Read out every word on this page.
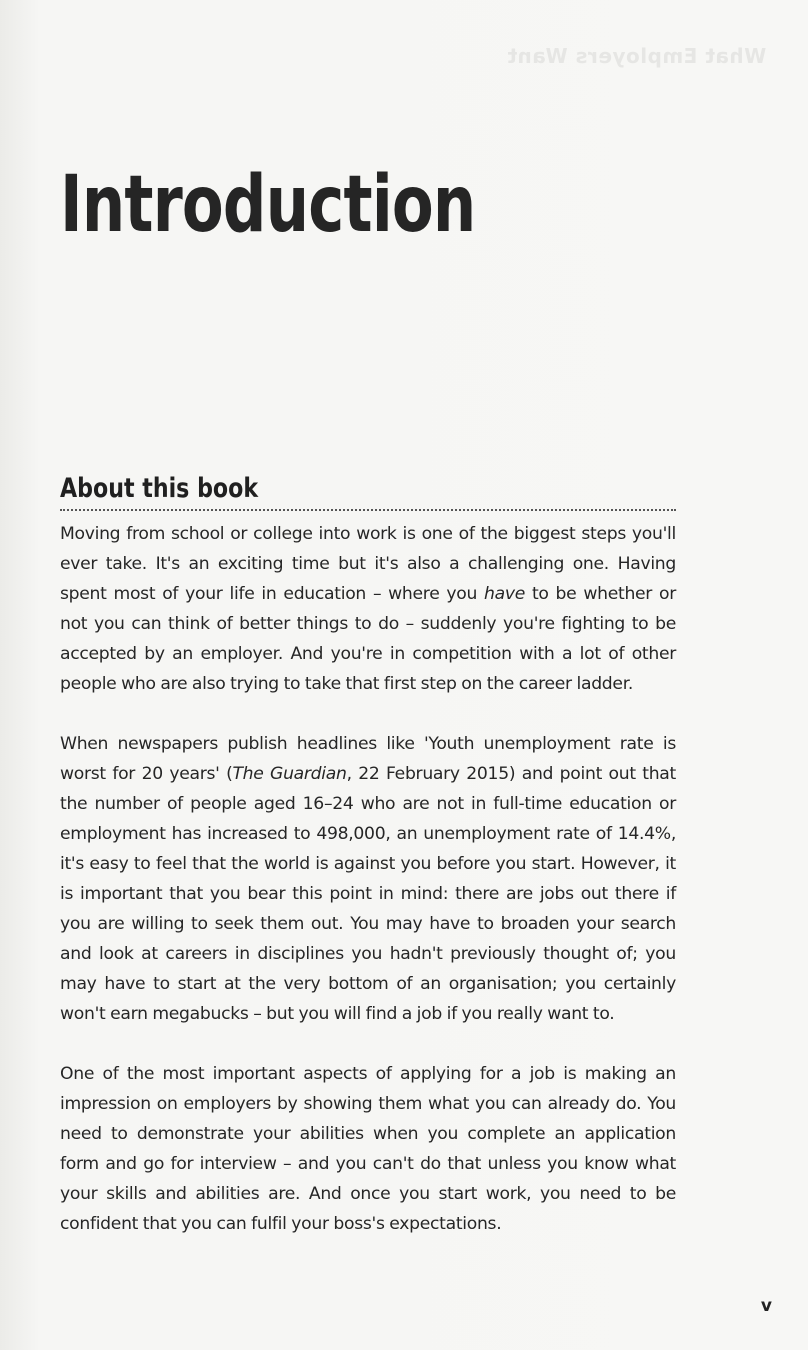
What Employers Want
Introduction
About this book

Moving from school or college into work is one of the biggest steps you'll ever take. It's an exciting time but it's also a challenging one. Having spent most of your life in education – where you have to be whether or not you can think of better things to do – suddenly you're fighting to be accepted by an employer. And you're in competition with a lot of other people who are also trying to take that first step on the career ladder.

When newspapers publish headlines like 'Youth unemployment rate is worst for 20 years' (The Guardian, 22 February 2015) and point out that the number of people aged 16–24 who are not in full-time education or employment has increased to 498,000, an unemployment rate of 14.4%, it's easy to feel that the world is against you before you start. However, it is important that you bear this point in mind: there are jobs out there if you are willing to seek them out. You may have to broaden your search and look at careers in disciplines you hadn't previously thought of; you may have to start at the very bottom of an organisation; you certainly won't earn megabucks – but you will find a job if you really want to.

One of the most important aspects of applying for a job is making an impression on employers by showing them what you can already do. You need to demonstrate your abilities when you complete an application form and go for interview – and you can't do that unless you know what your skills and abilities are. And once you start work, you need to be confident that you can fulfil your boss's expectations.

v
